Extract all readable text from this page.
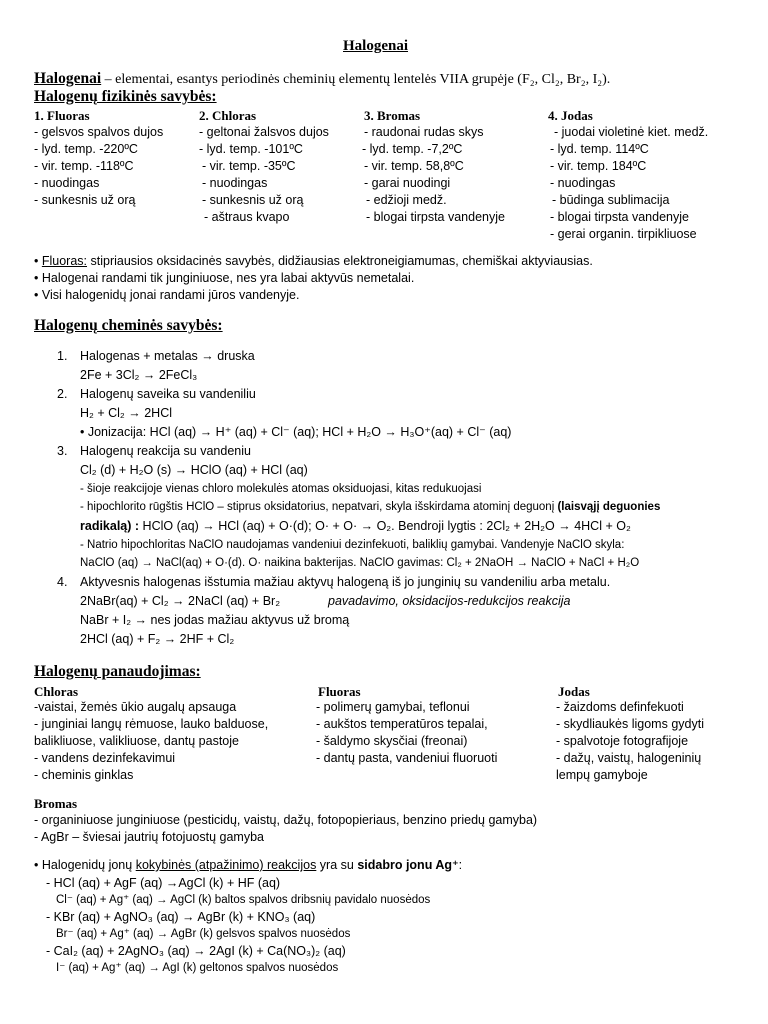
Halogenai
Halogenai – elementai, esantys periodinės cheminių elementų lentelės VIIA grupėje (F₂, Cl₂, Br₂, I₂).
Halogenų fizikinės savybės:
1. Fluoras
- gelsvos spalvos dujos
- lyd. temp. -220ºC
- vir. temp. -118ºC
- nuodingas
- sunkesnis už orą
2. Chloras
- geltonai žalsvos dujos
- lyd. temp. -101ºC
- vir. temp. -35ºC
- nuodingas
- sunkesnis už orą
- aštraus kvapo
3. Bromas
- raudonai rudas skys
- lyd. temp. -7,2ºC
- vir. temp. 58,8ºC
- garai nuodingi
- edžioji medž.
- blogai tirpsta vandenyje
4. Jodas
- juodai violetinė kiet. medž.
- lyd. temp. 114ºC
- vir. temp. 184ºC
- nuodingas
- būdinga sublimacija
- blogai tirpsta vandenyje
- gerai organin. tirpikliuose
• Fluoras: stipriausios oksidacinės savybės, didžiausias elektroneigiamumas, chemiškai aktyviausias.
• Halogenai randami tik junginiuose, nes yra labai aktyvūs nemetalai.
• Visi halogenidų jonai randami jūros vandenyje.
Halogenų cheminės savybės:
1. Halogenas + metalas → druska
2Fe + 3Cl₂ → 2FeCl₃
2. Halogenų saveika su vandeniliu
H₂ + Cl₂ → 2HCl
• Jonizacija: HCl (aq) → H⁺ (aq) + Cl⁻ (aq); HCl + H₂O → H₃O⁺(aq) + Cl⁻ (aq)
3. Halogenų reakcija su vandeniu
Cl₂ (d) + H₂O (s) → HClO (aq) + HCl (aq)
- šioje reakcijoje vienas chloro molekulės atomas oksiduojasi, kitas redukuojasi
- hipochlorito rūgštis HClO – stiprus oksidatorius, nepatvari, skyla išskirdama atominį deguonį (laisvąjį deguonies
radikalą) : HClO (aq) → HCl (aq) + O·(d); O· + O· → O₂. Bendroji lygtis : 2Cl₂ + 2H₂O → 4HCl + O₂
- Natrio hipochloritas NaClO naudojamas vandeniui dezinfekuoti, baliklių gamybai. Vandenyje NaClO skyla:
NaClO (aq) → NaCl(aq) + O·(d). O· naikina bakterijas. NaClO gavimas: Cl₂ + 2NaOH → NaClO + NaCl + H₂O
4. Aktyvesnis halogenas išstumia mažiau aktyvų halogeną iš jo junginių su vandeniliu arba metalu.
2NaBr(aq) + Cl₂ → 2NaCl (aq) + Br₂	pavadavimo, oksidacijos-redukcijos reakcija
NaBr + I₂ → nes jodas mažiau aktyvus už bromą
2HCl (aq) + F₂ → 2HF + Cl₂
Halogenų panaudojimas:
Chloras
-vaistai, žemės ūkio augalų apsauga
- junginiai langų rėmuose, lauko balduose,
balikliuose, valikliuose, dantų pastoje
- vandens dezinfekavimui
- cheminis ginklas
Fluoras
- polimerų gamybai, teflonui
- aukštos temperatūros tepalai,
- šaldymo skysčiai (freonai)
- dantų pasta, vandeniui fluoruoti
Jodas
- žaizdoms definfekuoti
- skydliaukės ligoms gydyti
- spalvotoje fotografijoje
- dažų, vaistų, halogeninių
lempų gamyboje
Bromas
- organiniuose junginiuose (pesticidų, vaistų, dažų, fotopopieriaus, benzino priedų gamyba)
- AgBr – šviesai jautrių fotojuostų gamyba
• Halogenidų jonų kokybinės (atpažinimo) reakcijos yra su sidabro jonu Ag⁺:
- HCl (aq) + AgF (aq) →AgCl (k) + HF (aq)
Cl⁻ (aq) + Ag⁺ (aq) → AgCl (k) baltos spalvos dribsnių pavidalo nuosėdos
- KBr (aq) + AgNO₃ (aq) → AgBr (k) + KNO₃ (aq)
Br⁻ (aq) + Ag⁺ (aq) → AgBr (k) gelsvos spalvos nuosėdos
- CaI₂ (aq) + 2AgNO₃ (aq) → 2AgI (k) + Ca(NO₃)₂ (aq)
I⁻ (aq) + Ag⁺ (aq) → AgI (k) geltonos spalvos nuosėdos
